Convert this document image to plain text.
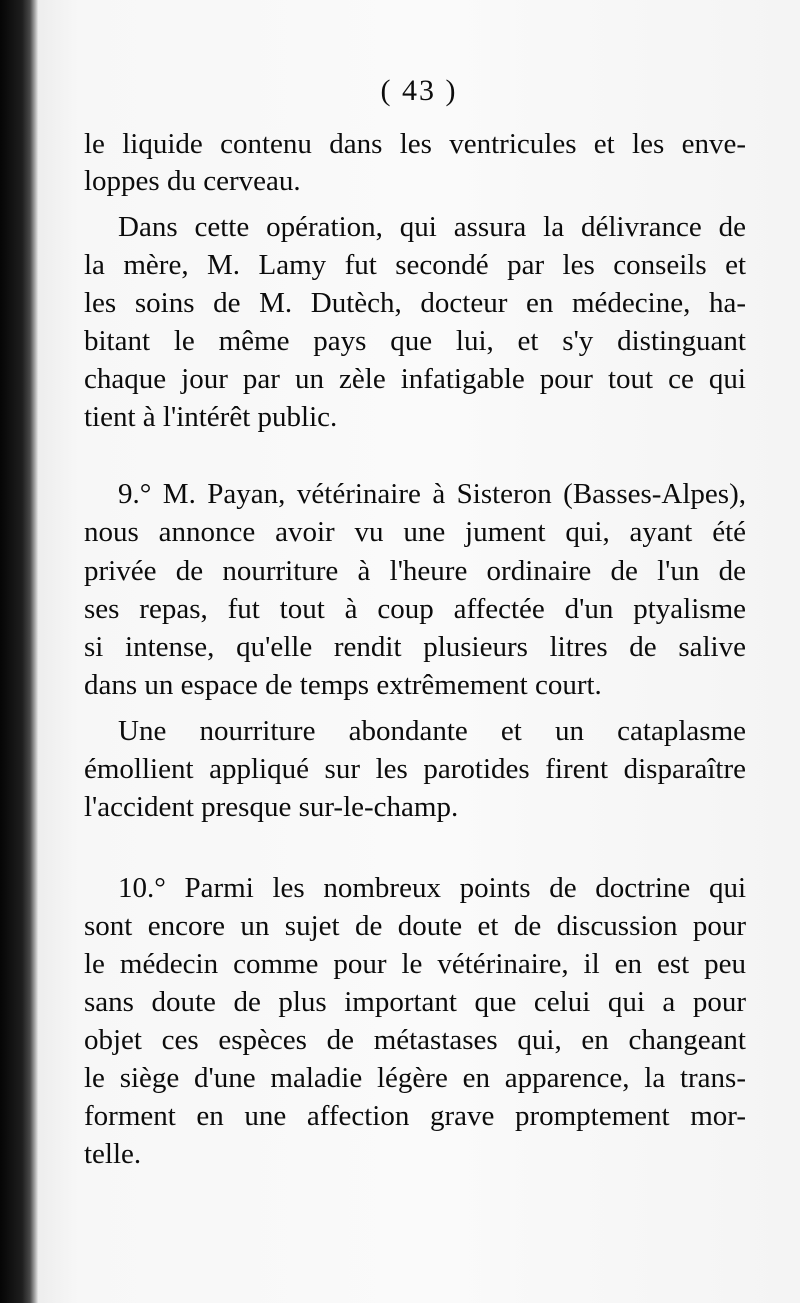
( 43 )
le liquide contenu dans les ventricules et les enve-
loppes du cerveau.
Dans cette opération, qui assura la délivrance de
la mère, M. Lamy fut secondé par les conseils et
les soins de M. Dutèch, docteur en médecine, ha-
bitant le même pays que lui, et s'y distinguant
chaque jour par un zèle infatigable pour tout ce qui
tient à l'intérêt public.
9.° M. Payan, vétérinaire à Sisteron (Basses-Alpes),
nous annonce avoir vu une jument qui, ayant été
privée de nourriture à l'heure ordinaire de l'un de
ses repas, fut tout à coup affectée d'un ptyalisme
si intense, qu'elle rendit plusieurs litres de salive
dans un espace de temps extrêmement court.
Une nourriture abondante et un cataplasme
émollient appliqué sur les parotides firent disparaître
l'accident presque sur-le-champ.
10.° Parmi les nombreux points de doctrine qui
sont encore un sujet de doute et de discussion pour
le médecin comme pour le vétérinaire, il en est peu
sans doute de plus important que celui qui a pour
objet ces espèces de métastases qui, en changeant
le siège d'une maladie légère en apparence, la trans-
forment en une affection grave promptement mor-
telle.
